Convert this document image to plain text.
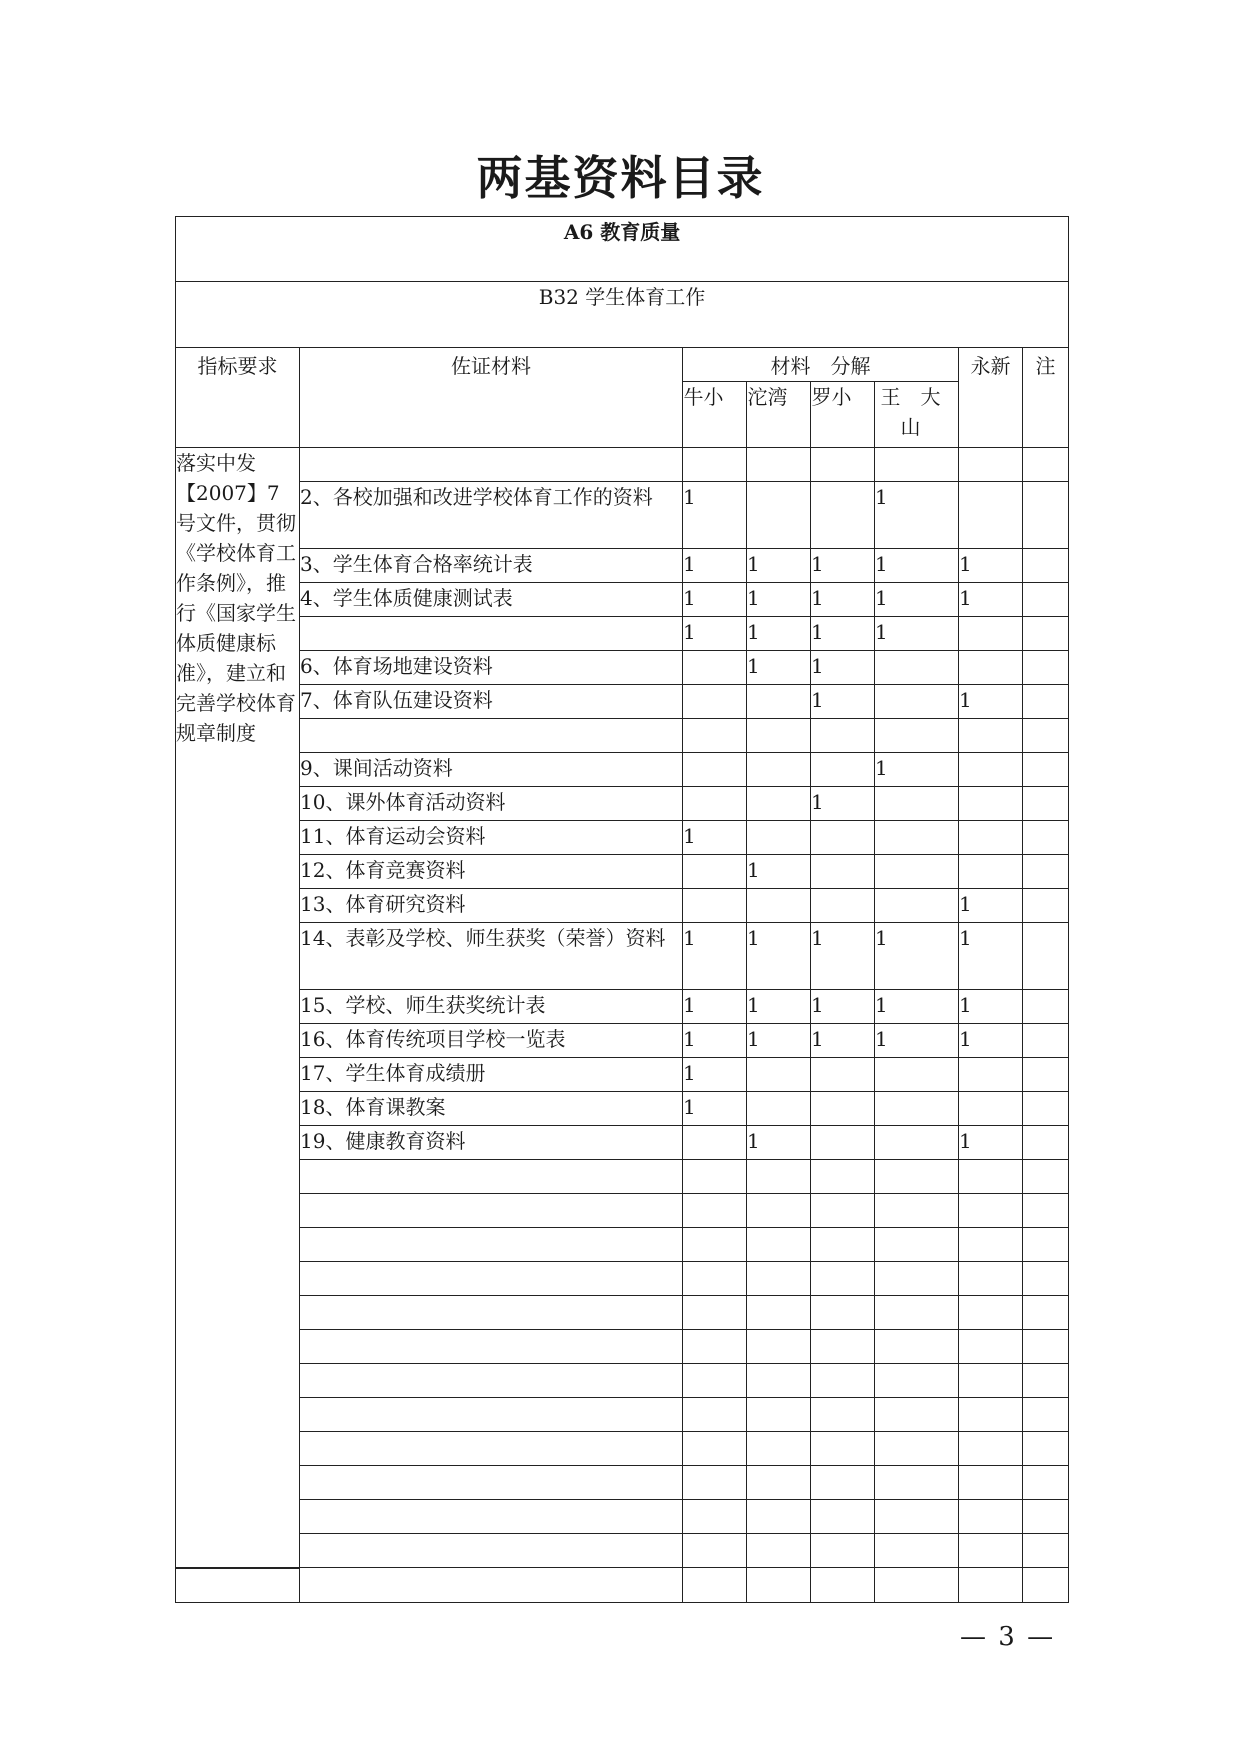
两基资料目录
A6 教育质量							
B32 学生体育工作							
指标要求	佐证材料	材料　分解				永新	注
		牛小	沱湾	罗小	王　大山		
落实中发【2007】7号文件，贯彻《学校体育工作条例》，推行《国家学生体质健康标准》，建立和完善学校体育规章制度							
	2、各校加强和改进学校体育工作的资料	1			1		
	3、学生体育合格率统计表	1	1	1	1	1	
	4、学生体质健康测试表	1	1	1	1	1	
		1	1	1	1		
	6、体育场地建设资料		1	1			
	7、体育队伍建设资料			1		1	

	9、课间活动资料				1		
	10、课外体育活动资料			1			
	11、体育运动会资料	1					
	12、体育竞赛资料		1				
	13、体育研究资料					1	
	14、表彰及学校、师生获奖（荣誉）资料	1	1	1	1	1	
	15、学校、师生获奖统计表	1	1	1	1	1	
	16、体育传统项目学校一览表	1	1	1	1	1	
	17、学生体育成绩册	1					
	18、体育课教案	1					
	19、健康教育资料		1			1	

— 3 —
